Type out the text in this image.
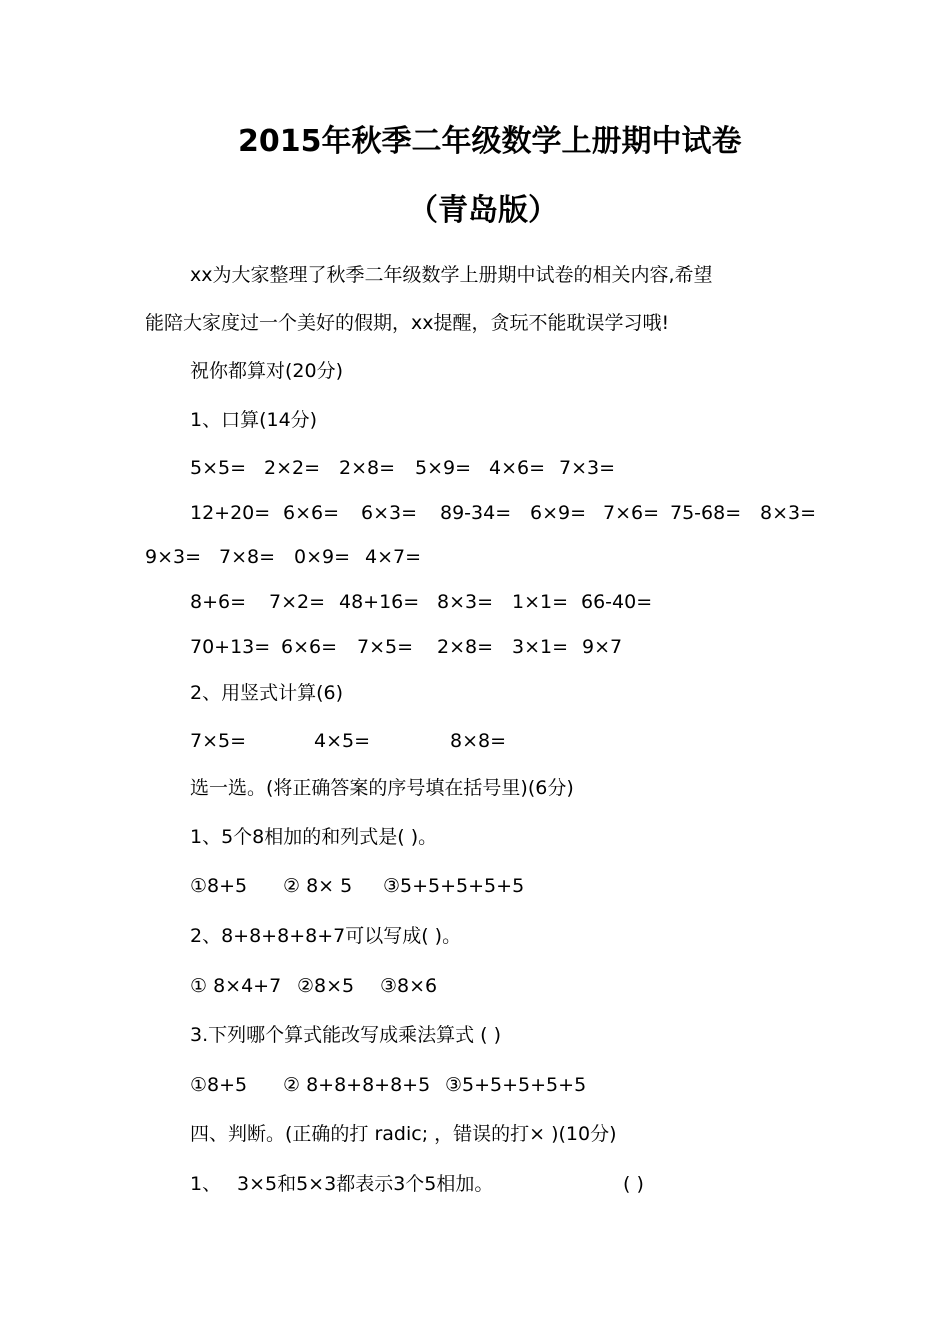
2015年秋季二年级数学上册期中试卷
（青岛版）
xx为大家整理了秋季二年级数学上册期中试卷的相关内容,希望
能陪大家度过一个美好的假期，xx提醒，贪玩不能耽误学习哦!
祝你都算对(20分)
1、口算(14分)
5×5= 2×2= 2×8= 5×9= 4×6= 7×3=
12+20= 6×6= 6×3= 89-34= 6×9= 7×6= 75-68= 8×3=
9×3= 7×8= 0×9= 4×7=
8+6= 7×2= 48+16= 8×3= 1×1= 66-40=
70+13= 6×6= 7×5= 2×8= 3×1= 9×7
2、用竖式计算(6)
7×5=	4×5=	8×8=
选一选。(将正确答案的序号填在括号里)(6分)
1、5个8相加的和列式是( )。
①8+5 ② 8× 5 ③5+5+5+5+5
2、8+8+8+8+7可以写成( )。
① 8×4+7 ②8×5 ③8×6
3.下列哪个算式能改写成乘法算式 ( )
①8+5 ② 8+8+8+8+5 ③5+5+5+5+5
四、判断。(正确的打 radic; ，错误的打× )(10分)
1、 3×5和5×3都表示3个5相加。	( )
